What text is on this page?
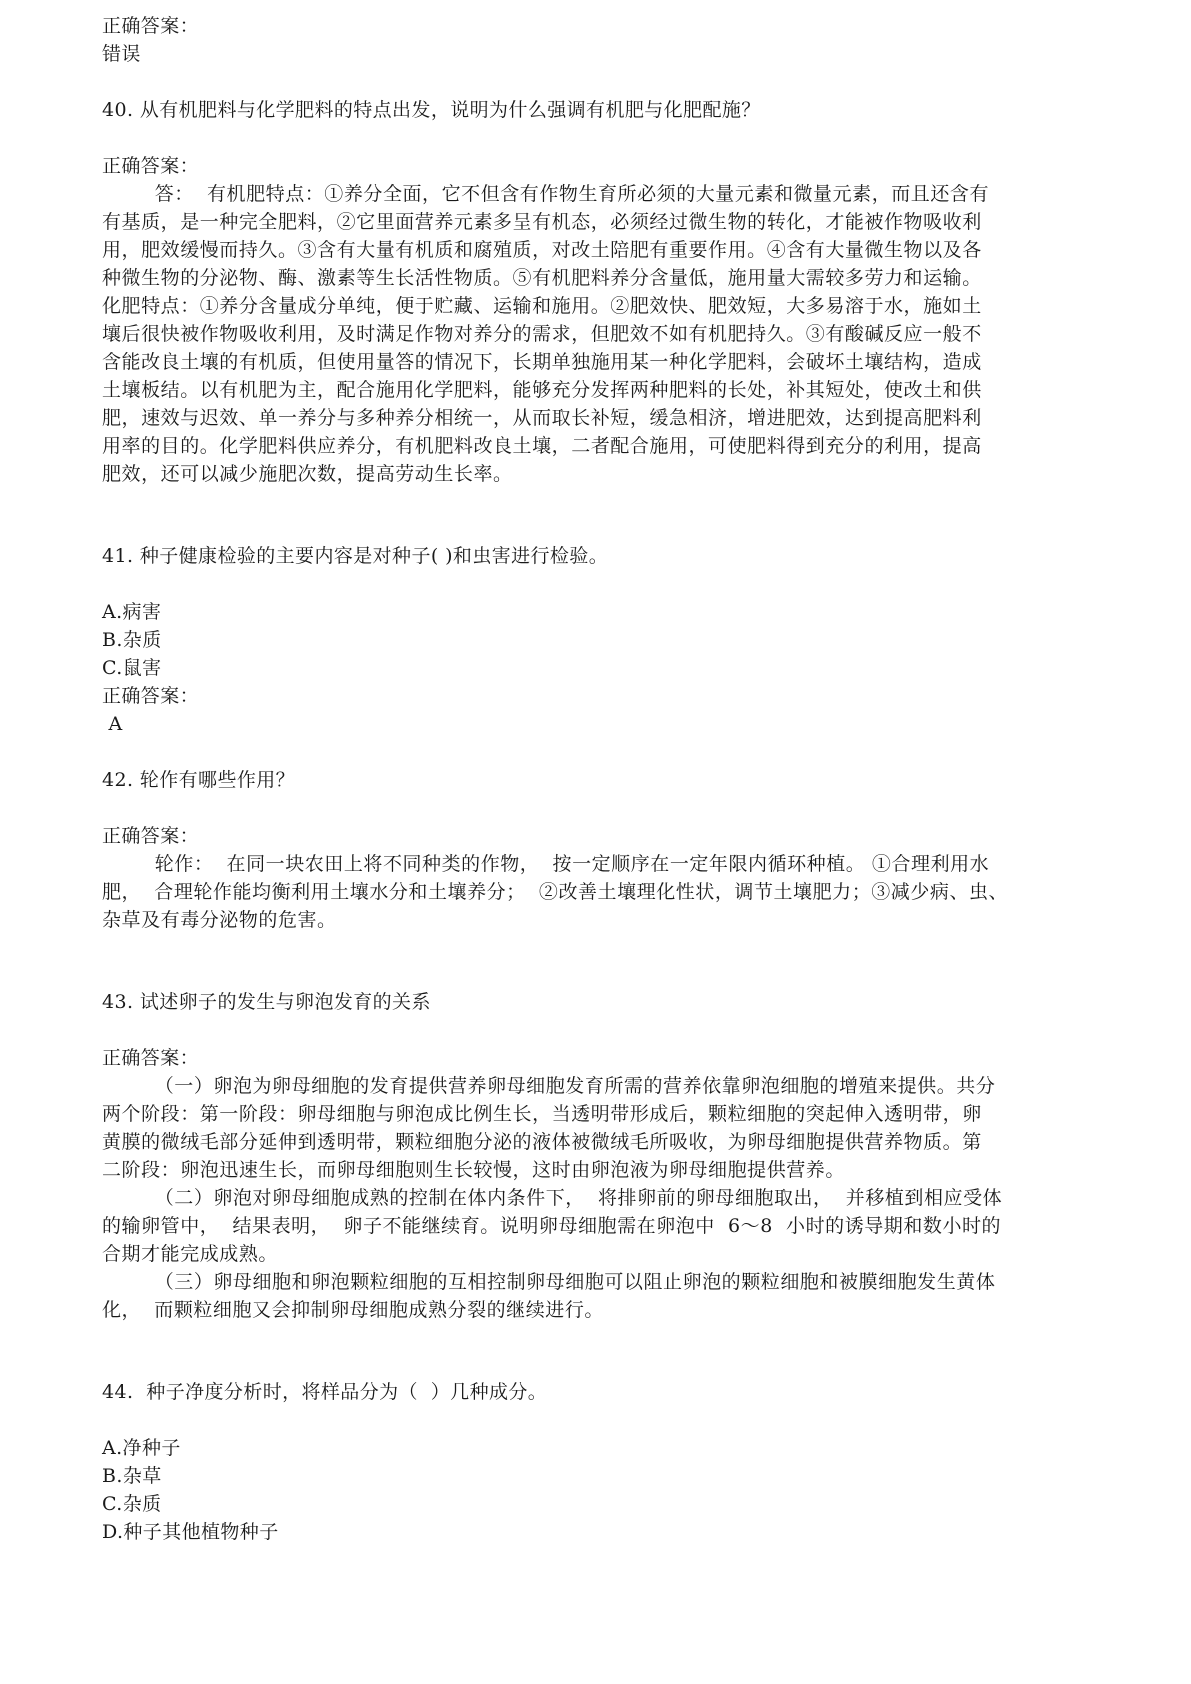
正确答案：
错误
40. 从有机肥料与化学肥料的特点出发，说明为什么强调有机肥与化肥配施？
正确答案：
答：  有机肥特点：①养分全面，它不但含有作物生育所必须的大量元素和微量元素，而且还含有
有基质，是一种完全肥料，②它里面营养元素多呈有机态，必须经过微生物的转化，才能被作物吸收利
用，肥效缓慢而持久。③含有大量有机质和腐殖质，对改土陪肥有重要作用。④含有大量微生物以及各
种微生物的分泌物、酶、激素等生长活性物质。⑤有机肥料养分含量低，施用量大需较多劳力和运输。
化肥特点：①养分含量成分单纯，便于贮藏、运输和施用。②肥效快、肥效短，大多易溶于水，施如土
壤后很快被作物吸收利用，及时满足作物对养分的需求，但肥效不如有机肥持久。③有酸碱反应一般不
含能改良土壤的有机质，但使用量答的情况下，长期单独施用某一种化学肥料，会破坏土壤结构，造成
土壤板结。以有机肥为主，配合施用化学肥料，能够充分发挥两种肥料的长处，补其短处，使改土和供
肥，速效与迟效、单一养分与多种养分相统一，从而取长补短，缓急相济，增进肥效，达到提高肥料利
用率的目的。化学肥料供应养分，有机肥料改良土壤，二者配合施用，可使肥料得到充分的利用，提高
肥效，还可以减少施肥次数，提高劳动生长率。
41. 种子健康检验的主要内容是对种子( )和虫害进行检验。
A.病害
B.杂质
C.鼠害
正确答案：
A
42. 轮作有哪些作用？
正确答案：
轮作：  在同一块农田上将不同种类的作物，  按一定顺序在一定年限内循环种植。 ①合理利用水
肥，  合理轮作能均衡利用土壤水分和土壤养分；  ②改善土壤理化性状，调节土壤肥力；③减少病、虫、
杂草及有毒分泌物的危害。
43. 试述卵子的发生与卵泡发育的关系
正确答案：
（一）卵泡为卵母细胞的发育提供营养卵母细胞发育所需的营养依靠卵泡细胞的增殖来提供。共分
两个阶段：第一阶段：卵母细胞与卵泡成比例生长，当透明带形成后，颗粒细胞的突起伸入透明带，卵
黄膜的微绒毛部分延伸到透明带，颗粒细胞分泌的液体被微绒毛所吸收，为卵母细胞提供营养物质。第
二阶段：卵泡迅速生长，而卵母细胞则生长较慢，这时由卵泡液为卵母细胞提供营养。
（二）卵泡对卵母细胞成熟的控制在体内条件下，  将排卵前的卵母细胞取出，  并移植到相应受体
的输卵管中，  结果表明，  卵子不能继续育。说明卵母细胞需在卵泡中  6～8  小时的诱导期和数小时的
合期才能完成成熟。
（三）卵母细胞和卵泡颗粒细胞的互相控制卵母细胞可以阻止卵泡的颗粒细胞和被膜细胞发生黄体
化，  而颗粒细胞又会抑制卵母细胞成熟分裂的继续进行。
44.  种子净度分析时，将样品分为（  ）几种成分。
A.净种子
B.杂草
C.杂质
D.种子其他植物种子
